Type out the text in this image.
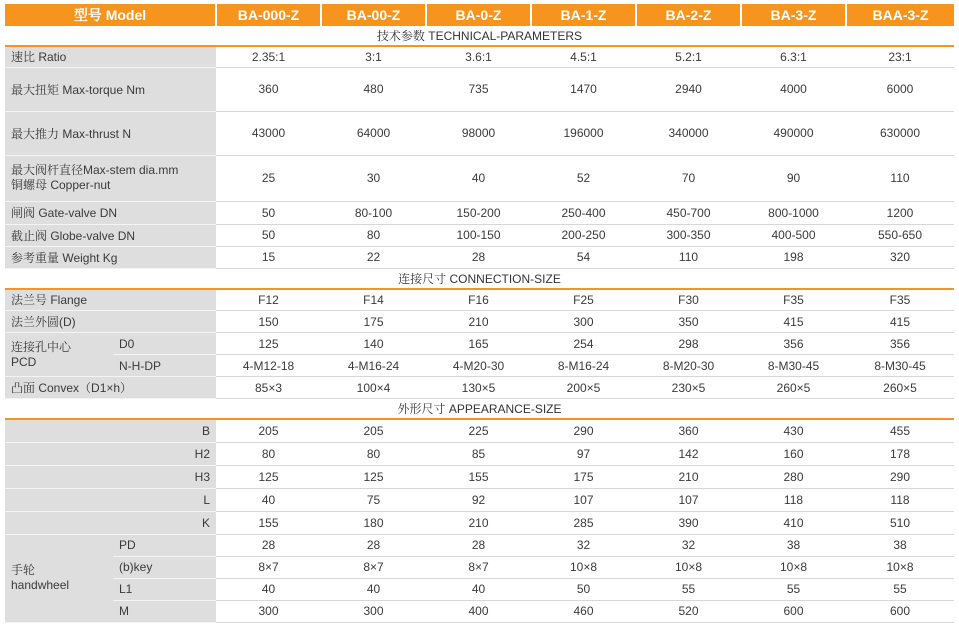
型号 Model		BA-000-Z	BA-00-Z	BA-0-Z	BA-1-Z	BA-2-Z	BA-3-Z	BAA-3-Z
技术参数 TECHNICAL-PARAMETERS								
速比 Ratio		2.35:1	3:1	3.6:1	4.5:1	5.2:1	6.3:1	23:1
最大扭矩 Max-torque Nm		360	480	735	1470	2940	4000	6000
最大推力 Max-thrust N		43000	64000	98000	196000	340000	490000	630000

最大阀杆直径Max-stem dia.mm
铜螺母 Copper-nut		25	30	40	52	70	90	110
闸阀 Gate-valve DN		50	80-100	150-200	250-400	450-700	800-1000	1200
截止阀 Globe-valve DN		50	80	100-150	200-250	300-350	400-500	550-650
参考重量 Weight Kg		15	22	28	54	110	198	320
连接尺寸 CONNECTION-SIZE								
法兰号 Flange		F12	F14	F16	F25	F30	F35	F35
法兰外圆(D)		150	175	210	300	350	415	415

连接孔中心
PCD	D0	125	140	165	254	298	356	356
	N-H-DP	4-M12-18	4-M16-24	4-M20-30	8-M16-24	8-M20-30	8-M30-45	8-M30-45
凸面 Convex（D1×h）		85×3	100×4	130×5	200×5	230×5	260×5	260×5
外形尺寸 APPEARANCE-SIZE								
B		205	205	225	290	360	430	455
H2		80	80	85	97	142	160	178
H3		125	125	155	175	210	280	290
L		40	75	92	107	107	118	118
K		155	180	210	285	390	410	510

手轮
handwheel	PD	28	28	28	32	32	38	38
	(b)key	8×7	8×7	8×7	10×8	10×8	10×8	10×8
	L1	40	40	40	50	55	55	55
	M	300	300	400	460	520	600	600
